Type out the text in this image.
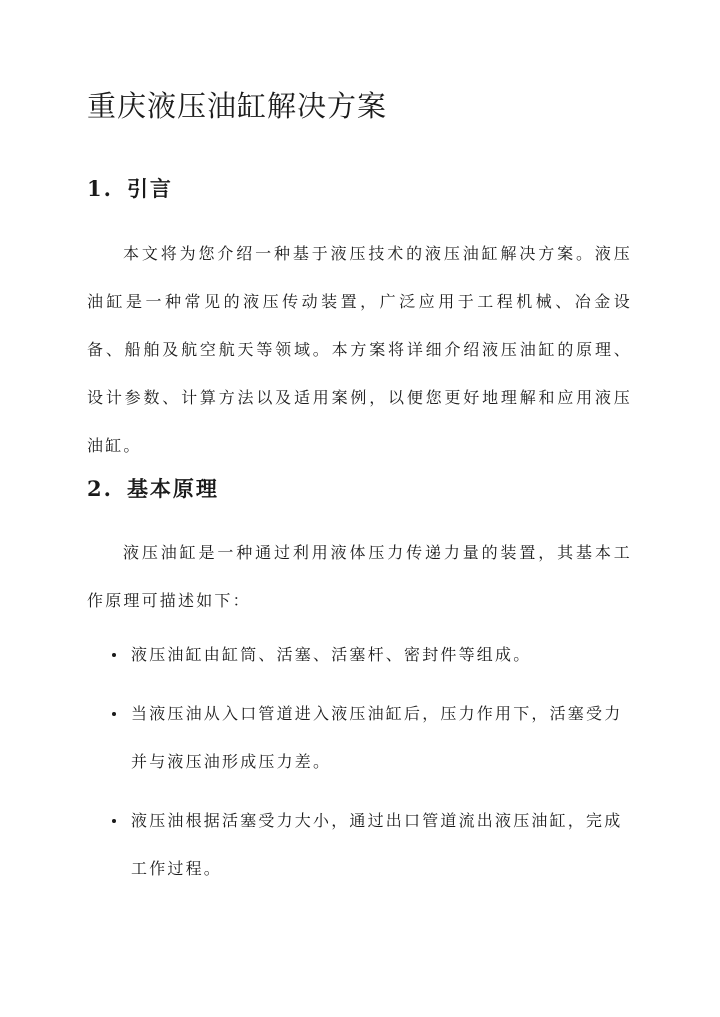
重庆液压油缸解决方案
1. 引言

本文将为您介绍一种基于液压技术的液压油缸解决方案。液压油缸是一种常见的液压传动装置，广泛应用于工程机械、冶金设备、船舶及航空航天等领域。本方案将详细介绍液压油缸的原理、设计参数、计算方法以及适用案例，以便您更好地理解和应用液压油缸。

2. 基本原理

液压油缸是一种通过利用液体压力传递力量的装置，其基本工作原理可描述如下：

液压油缸由缸筒、活塞、活塞杆、密封件等组成。
当液压油从入口管道进入液压油缸后，压力作用下，活塞受力并与液压油形成压力差。
液压油根据活塞受力大小，通过出口管道流出液压油缸，完成工作过程。
